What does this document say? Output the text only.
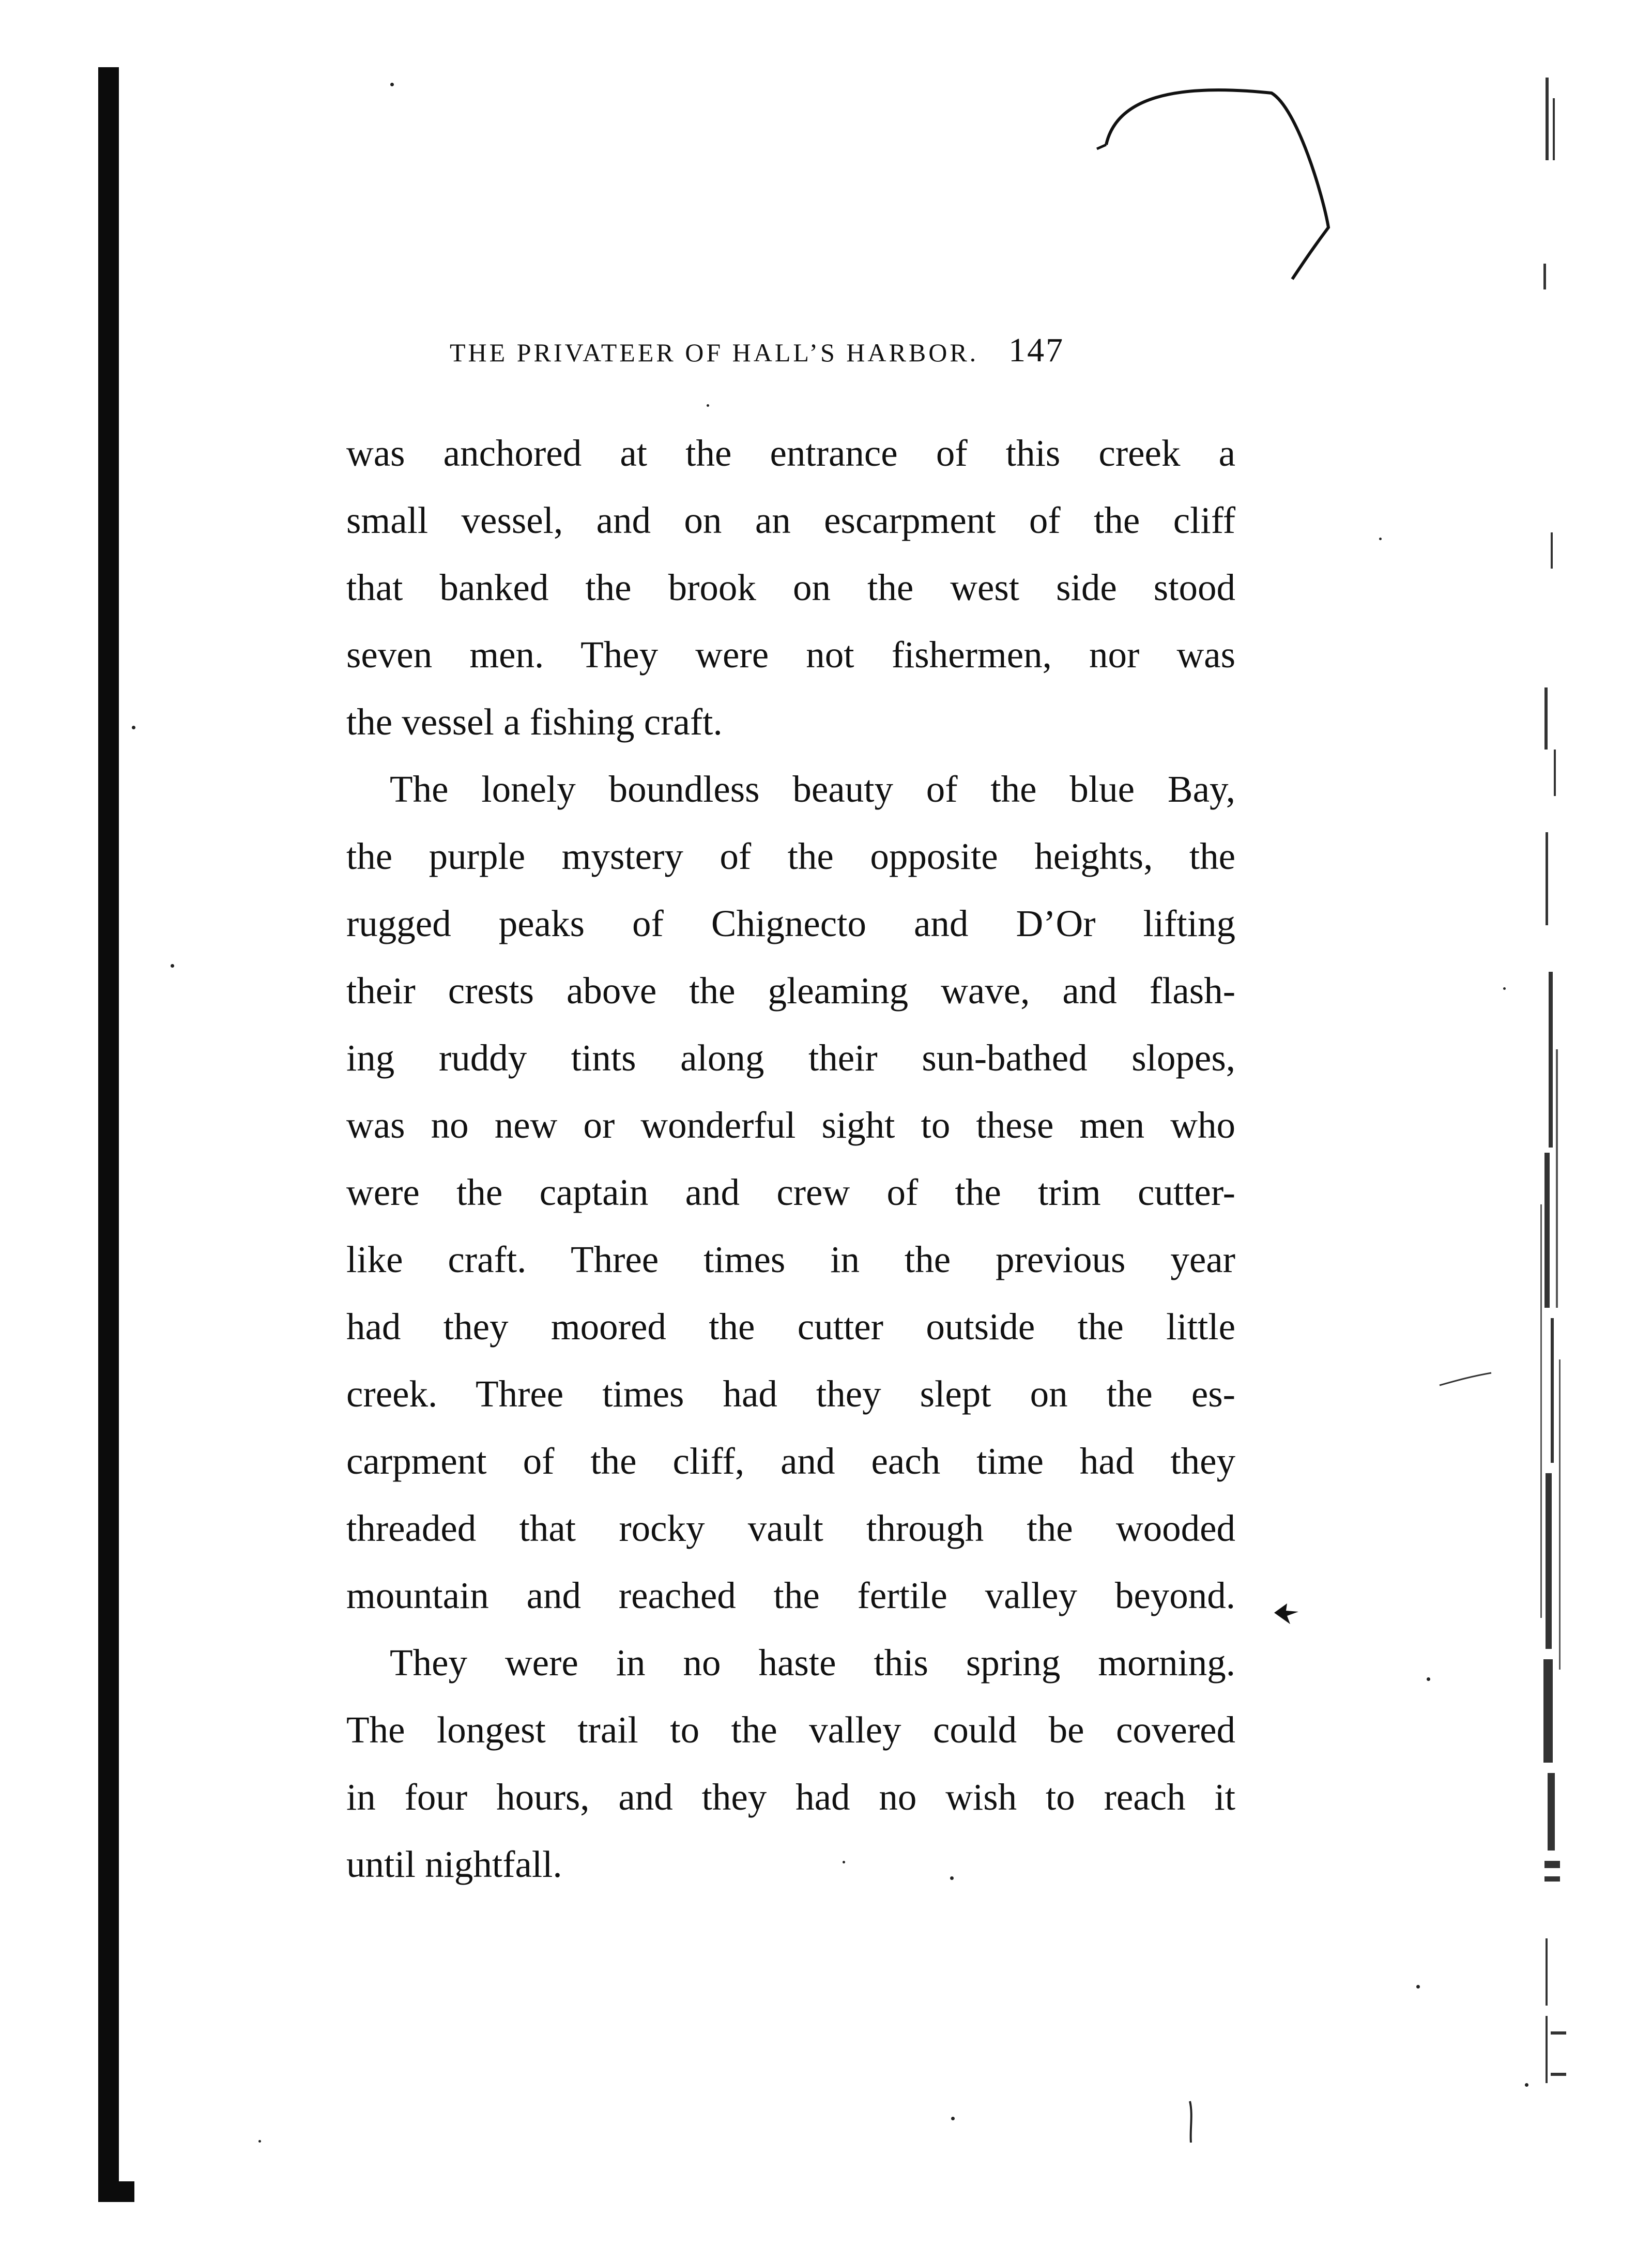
THE PRIVATEER OF HALL’S HARBOR. 147
was anchored at the entrance of this creek a
small vessel, and on an escarpment of the cliff
that banked the brook on the west side stood
seven men. They were not fishermen, nor was
the vessel a fishing craft.
The lonely boundless beauty of the blue Bay,
the purple mystery of the opposite heights, the
rugged peaks of Chignecto and D’Or lifting
their crests above the gleaming wave, and flash-
ing ruddy tints along their sun-bathed slopes,
was no new or wonderful sight to these men who
were the captain and crew of the trim cutter-
like craft. Three times in the previous year
had they moored the cutter outside the little
creek. Three times had they slept on the es-
carpment of the cliff, and each time had they
threaded that rocky vault through the wooded
mountain and reached the fertile valley beyond.
They were in no haste this spring morning.
The longest trail to the valley could be covered
in four hours, and they had no wish to reach it
until nightfall.
